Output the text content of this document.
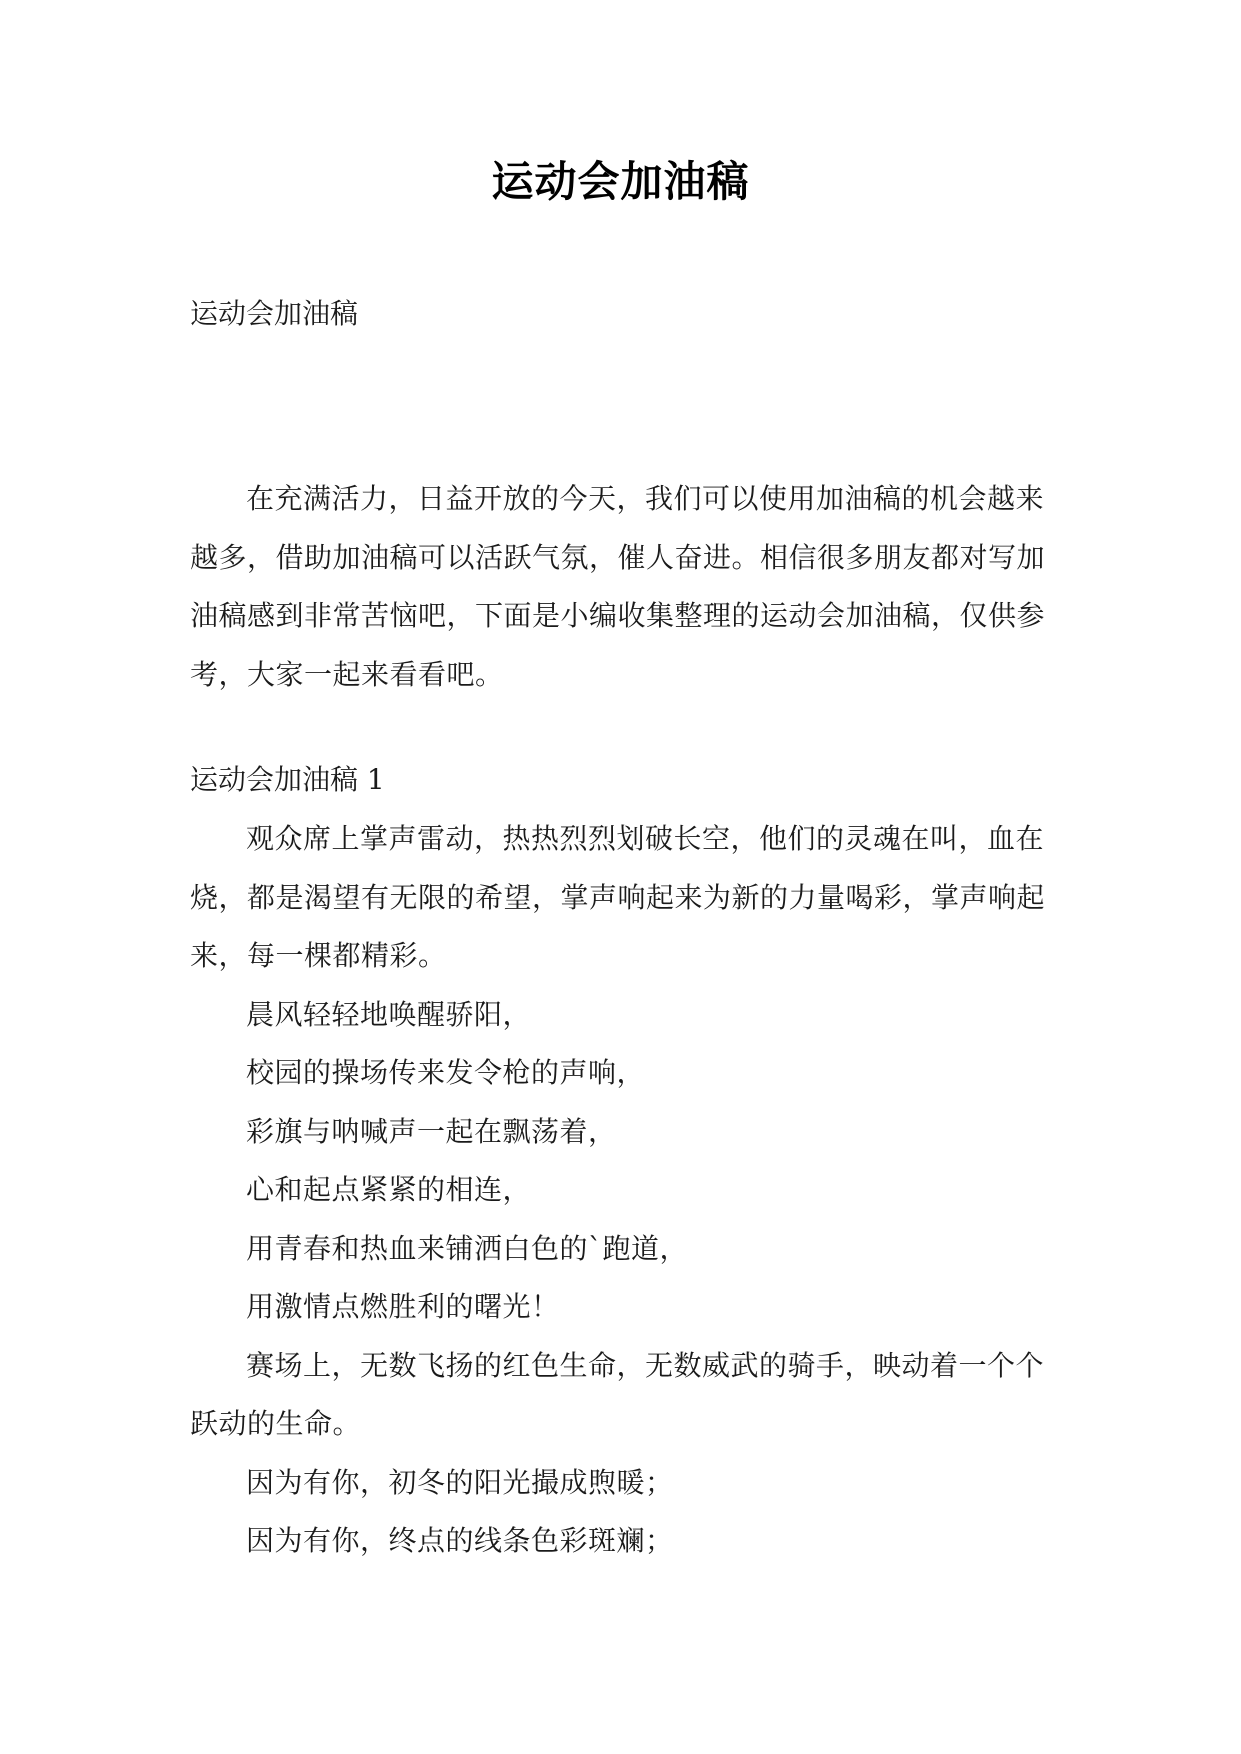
运动会加油稿
运动会加油稿
在充满活力，日益开放的今天，我们可以使用加油稿的机会越来越多，借助加油稿可以活跃气氛，催人奋进。相信很多朋友都对写加油稿感到非常苦恼吧，下面是小编收集整理的运动会加油稿，仅供参考，大家一起来看看吧。
运动会加油稿 1

观众席上掌声雷动，热热烈烈划破长空，他们的灵魂在叫，血在烧，都是渴望有无限的希望，掌声响起来为新的力量喝彩，掌声响起来，每一棵都精彩。

晨风轻轻地唤醒骄阳，

校园的操场传来发令枪的声响，

彩旗与呐喊声一起在飘荡着，

心和起点紧紧的相连，

用青春和热血来铺洒白色的`跑道，

用激情点燃胜利的曙光！

赛场上，无数飞扬的红色生命，无数威武的骑手，映动着一个个跃动的生命。

因为有你，初冬的阳光撮成煦暖；

因为有你，终点的线条色彩斑斓；
